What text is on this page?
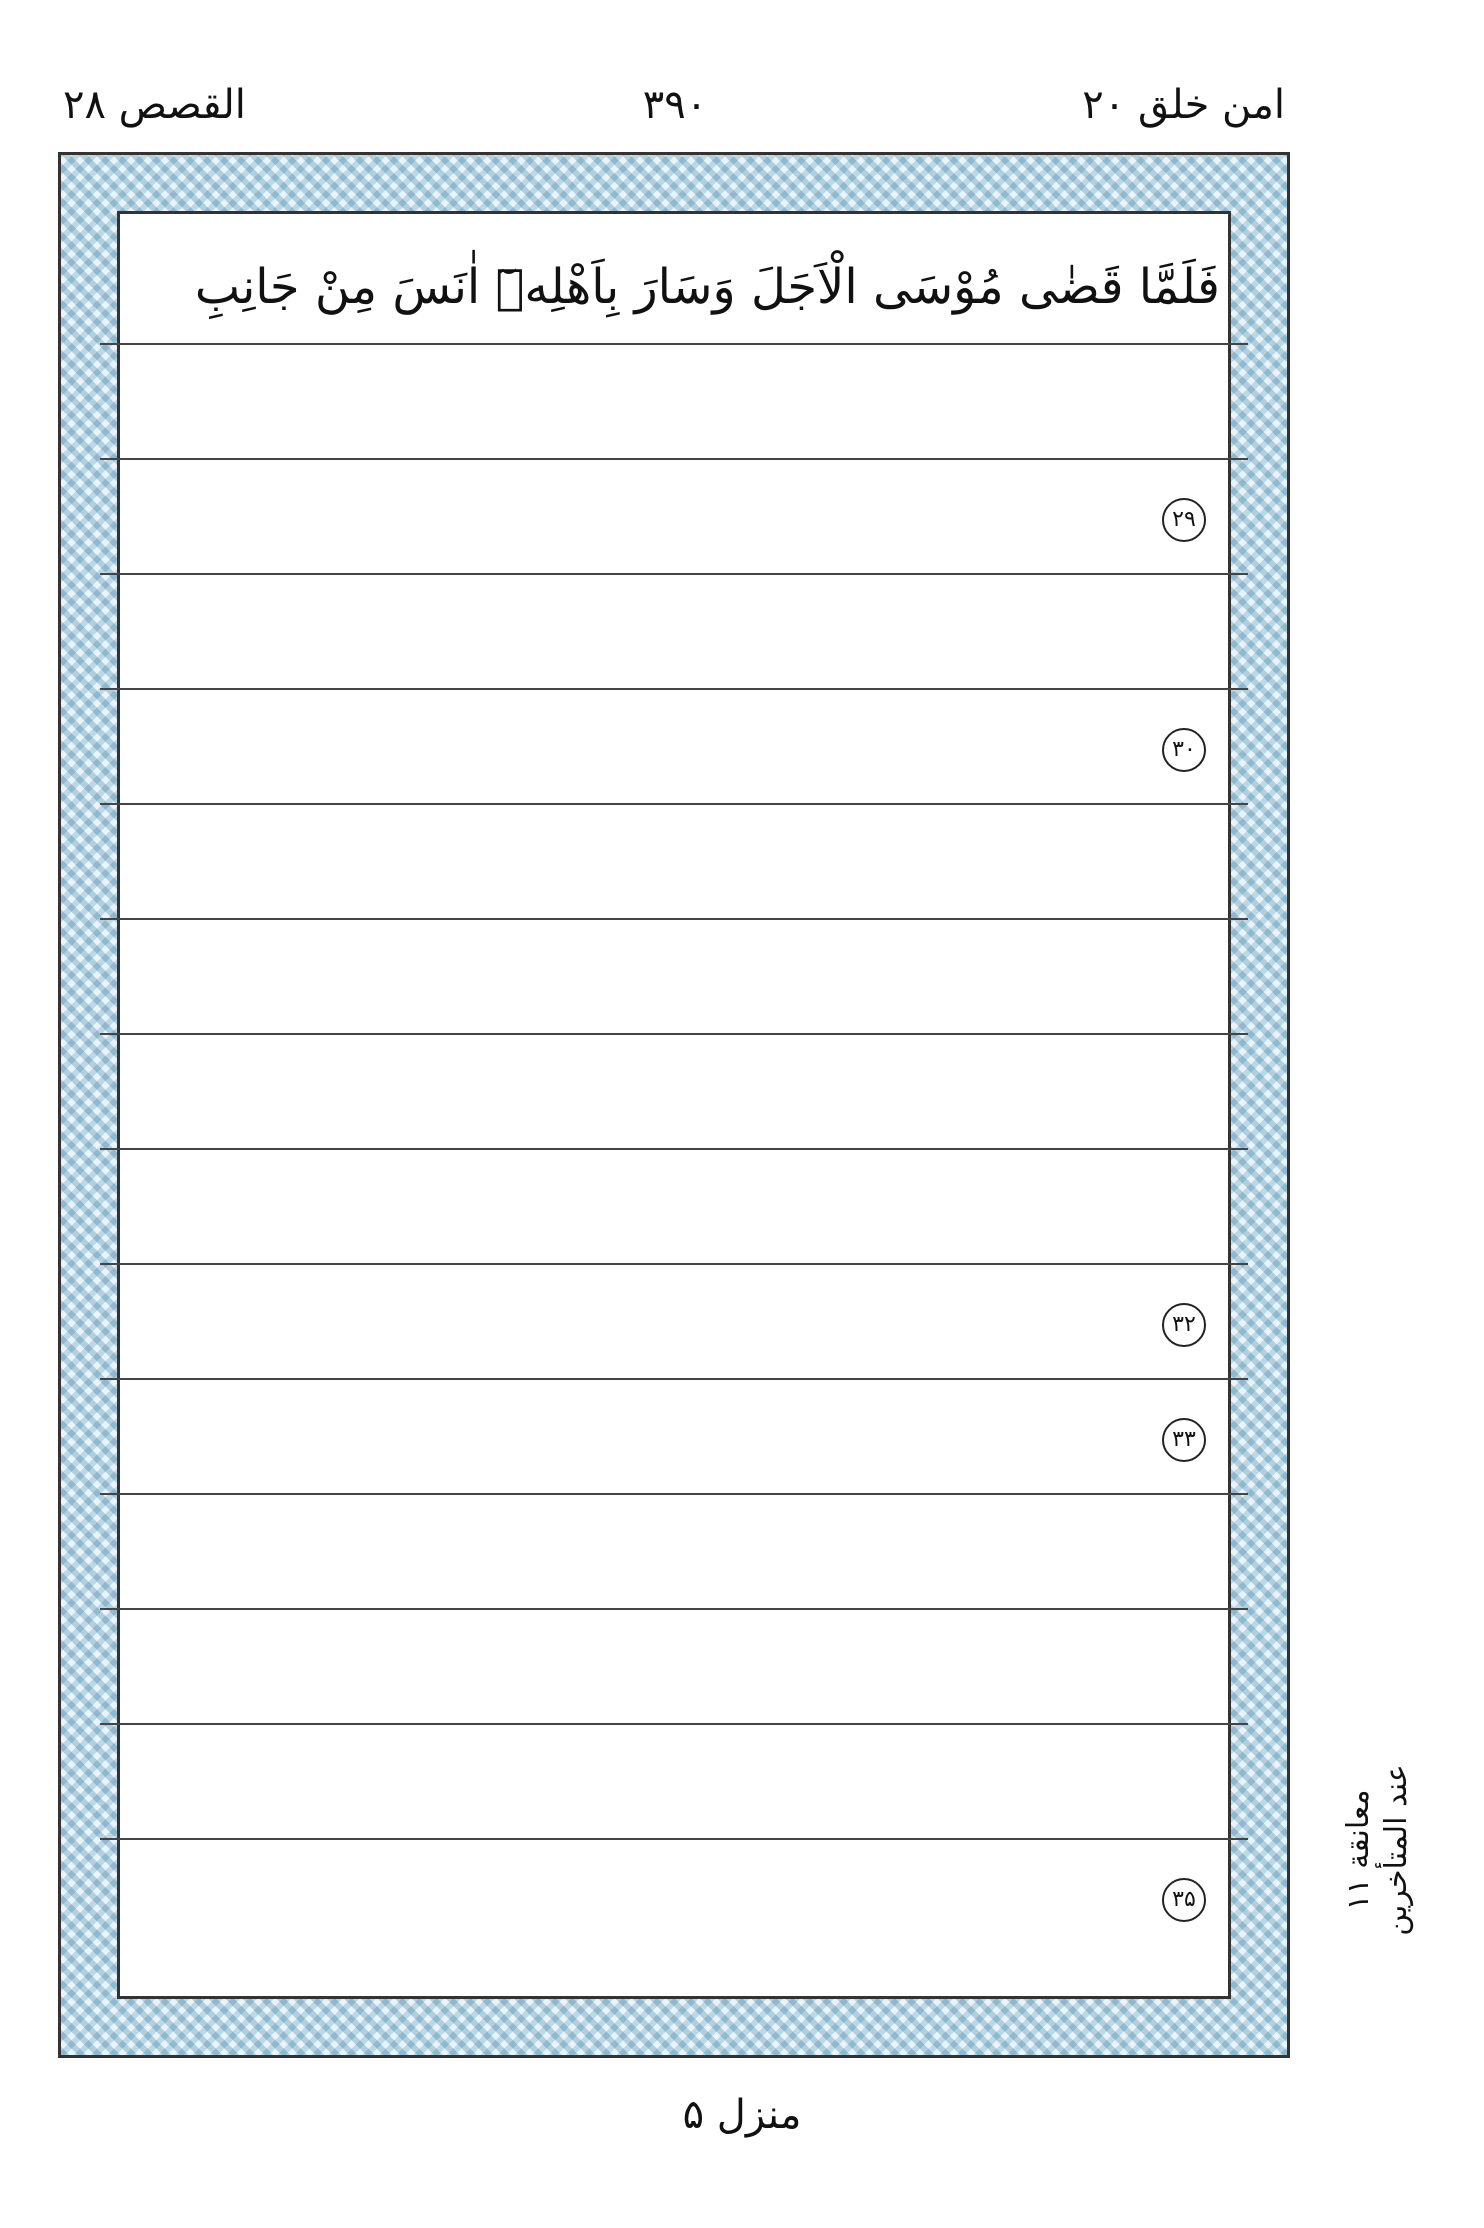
القصص ۲۸	۳۹۰	امن خلق ۲۰
فَلَمَّا قَضٰى مُوْسَى الْاَجَلَ وَسَارَ بِاَهْلِهٖٓ اٰنَسَ مِنْ جَانِبِ
۲۹
۳۰
۳۲
۳۳
۳۵	معانقة ۱۱ عند المتأخرين
منزل ۵
